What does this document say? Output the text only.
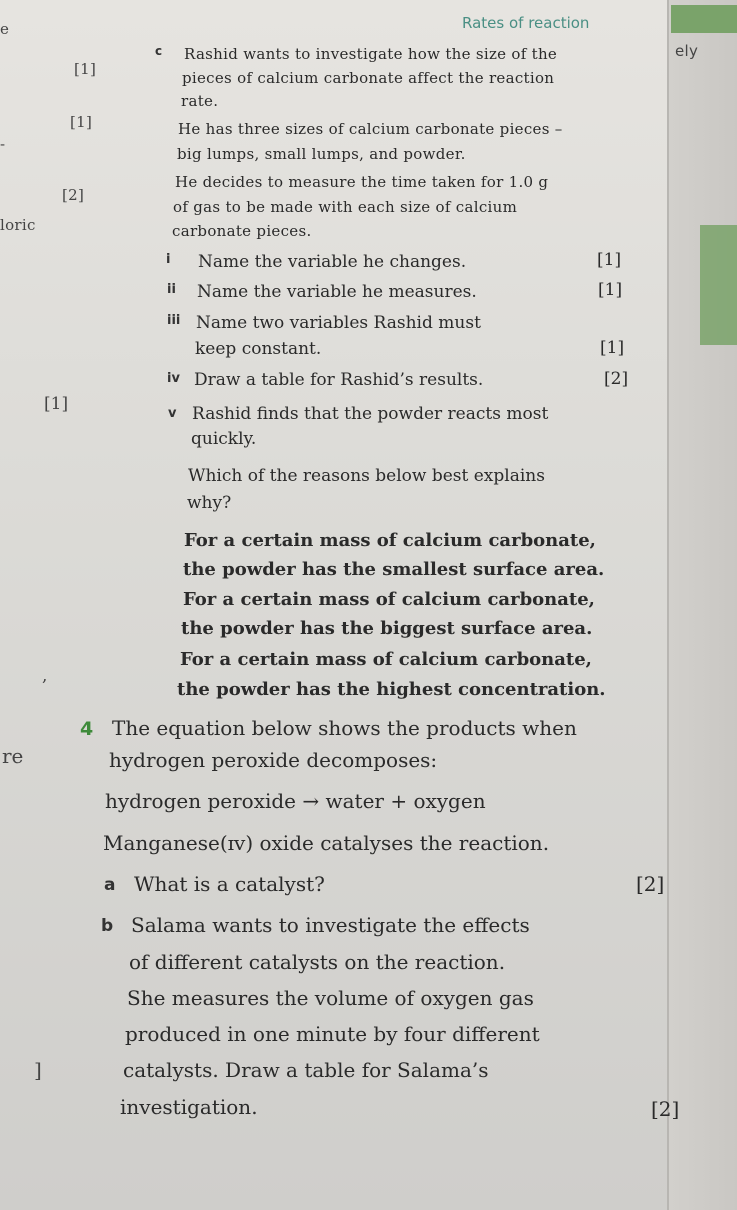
Rates of reaction
e
[1]
[1]
-
[2]
loric
[1]
,
re
]
ely
c Rashid wants to investigate how the size of the
pieces of calcium carbonate affect the reaction
rate.
He has three sizes of calcium carbonate pieces –
big lumps, small lumps, and powder.
He decides to measure the time taken for 1.0 g
of gas to be made with each size of calcium
carbonate pieces.
i Name the variable he changes.	[1]
ii Name the variable he measures.	[1]
iii Name two variables Rashid must
keep constant.	[1]
iv Draw a table for Rashid’s results.	[2]
v Rashid finds that the powder reacts most
quickly.
Which of the reasons below best explains
why?
For a certain mass of calcium carbonate,
the powder has the smallest surface area.
For a certain mass of calcium carbonate,
the powder has the biggest surface area.
For a certain mass of calcium carbonate,
the powder has the highest concentration.
4 The equation below shows the products when
hydrogen peroxide decomposes:
hydrogen peroxide → water + oxygen
Manganese(ɪv) oxide catalyses the reaction.
a What is a catalyst?	[2]
b Salama wants to investigate the effects
of different catalysts on the reaction.
She measures the volume of oxygen gas
produced in one minute by four different
catalysts. Draw a table for Salama’s
investigation.	[2]
